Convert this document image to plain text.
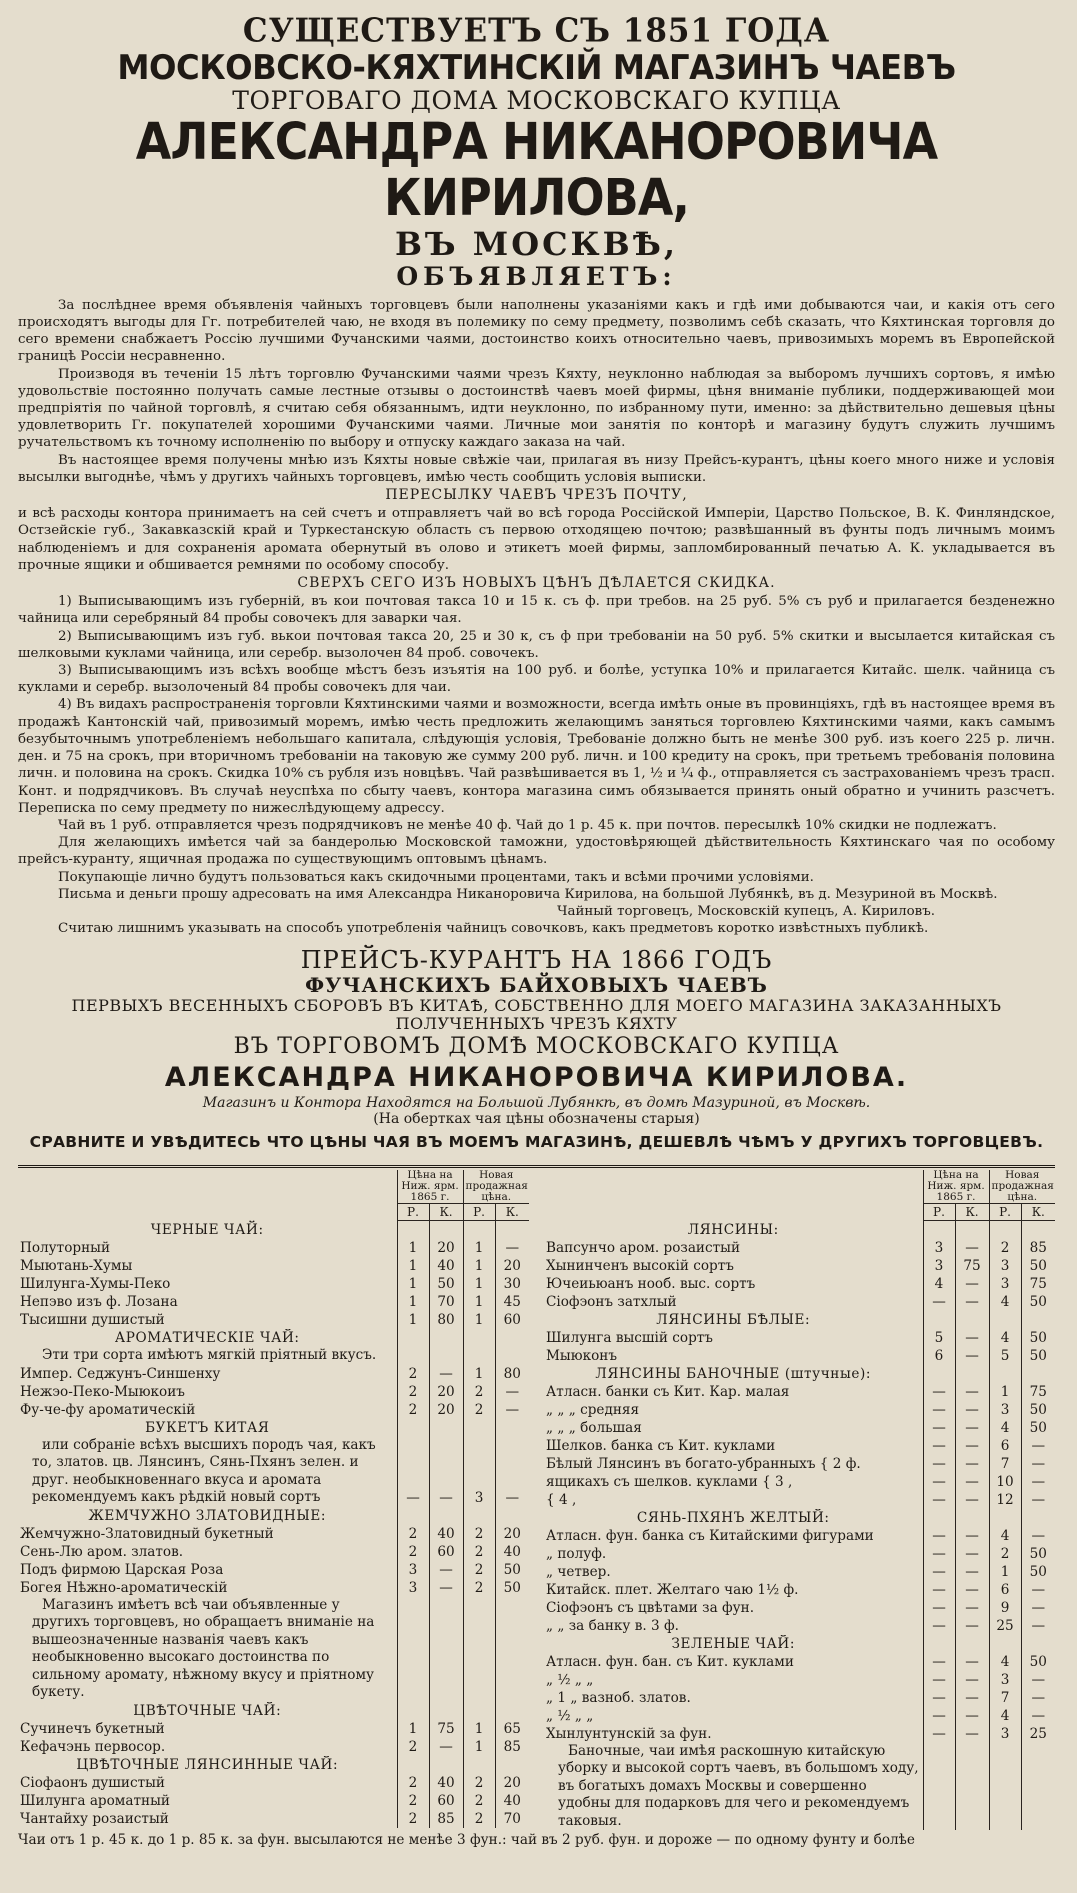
СУЩЕСТВУЕТЪ СЪ 1851 ГОДА
МОСКОВСКО-КЯХТИНСКІЙ МАГАЗИНЪ ЧАЕВЪ
ТОРГОВАГО ДОМА МОСКОВСКАГО КУПЦА
АЛЕКСАНДРА НИКАНОРОВИЧА КИРИЛОВА,
ВЪ МОСКВѢ,
ОБЪЯВЛЯЕТЪ:

За послѣднее время объявленія чайныхъ торговцевъ были наполнены указаніями какъ и гдѣ ими добываются чаи, и какія отъ сего происходятъ выгоды для Гг. потребителей чаю, не входя въ полемику по сему предмету, позволимъ себѣ сказать, что Кяхтинская торговля до сего времени снабжаетъ Россію лучшими Фучанскими чаями, достоинство коихъ относительно чаевъ, привозимыхъ моремъ въ Европейской границѣ Россіи несравненно.

Производя въ теченіи 15 лѣтъ торговлю Фучанскими чаями чрезъ Кяхту, неуклонно наблюдая за выборомъ лучшихъ сортовъ, я имѣю удовольствіе постоянно получать самые лестные отзывы о достоинствѣ чаевъ моей фирмы, цѣня вниманіе публики, поддерживающей мои предпріятія по чайной торговлѣ, я считаю себя обязаннымъ, идти неуклонно, по избранному пути, именно: за дѣйствительно дешевыя цѣны удовлетворить Гг. покупателей хорошими Фучанскими чаями. Личные мои занятія по конторѣ и магазину будутъ служить лучшимъ ручательствомъ къ точному исполненію по выбору и отпуску каждаго заказа на чай.

Въ настоящее время получены мнѣю изъ Кяхты новые свѣжіе чаи, прилагая въ низу Прейсъ-курантъ, цѣны коего много ниже и условія высылки выгоднѣе, чѣмъ у другихъ чайныхъ торговцевъ, имѣю честь сообщить условія выписки.

ПЕРЕСЫЛКУ ЧАЕВЪ ЧРЕЗЪ ПОЧТУ,

и всѣ расходы контора принимаетъ на сей счетъ и отправляетъ чай во всѣ города Россійской Имперіи, Царство Польское, В. К. Финляндское, Остзейскіе губ., Закавказскій край и Туркестанскую область съ первою отходящею почтою; развѣшанный въ фунты подъ личнымъ моимъ наблюденіемъ и для сохраненія аромата обернутый въ олово и этикетъ моей фирмы, запломбированный печатью А. К. укладывается въ прочные ящики и обшивается ремнями по особому способу.

СВЕРХЪ СЕГО ИЗЪ НОВЫХЪ ЦѢНЪ ДѢЛАЕТСЯ СКИДКА.

1) Выписывающимъ изъ губерній, въ кои почтовая такса 10 и 15 к. съ ф. при требов. на 25 руб. 5% съ руб и прилагается безденежно чайница или серебряный 84 пробы совочекъ для заварки чая.

2) Выписывающимъ изъ губ. вькои почтовая такса 20, 25 и 30 к, съ ф при требованіи на 50 руб. 5% скитки и высылается китайская съ шелковыми куклами чайница, или серебр. вызолочен 84 проб. совочекъ.

3) Выписывающимъ изъ всѣхъ вообще мѣстъ безъ изъятія на 100 руб. и болѣе, уступка 10% и прилагается Китайс. шелк. чайница съ куклами и серебр. вызолоченый 84 пробы совочекъ для чаи.

4) Въ видахъ распространенія торговли Кяхтинскими чаями и возможности, всегда имѣть оные въ провинціяхъ, гдѣ въ настоящее время въ продажѣ Кантонскій чай, привозимый моремъ, имѣю честь предложить желающимъ заняться торговлею Кяхтинскими чаями, какъ самымъ безубыточнымъ употребленіемъ небольшаго капитала, слѣдующія условія, Требованіе должно быть не менѣе 300 руб. изъ коего 225 р. личн. ден. и 75 на срокъ, при вторичномъ требованіи на таковую же сумму 200 руб. личн. и 100 кредиту на срокъ, при третьемъ требованія половина личн. и половина на срокъ. Скидка 10% съ рубля изъ новцѣвъ. Чай развѣшивается въ 1, ½ и ¼ ф., отправляется съ застрахованіемъ чрезъ трасп. Конт. и подрядчиковъ. Въ случаѣ неуспѣха по сбыту чаевъ, контора магазина симъ обязывается принять оный обратно и учинить разсчетъ. Переписка по сему предмету по нижеслѣдующему адрессу.

Чай въ 1 руб. отправляется чрезъ подрядчиковъ не менѣе 40 ф. Чай до 1 р. 45 к. при почтов. пересылкѣ 10% скидки не подлежатъ.

Для желающихъ имѣется чай за бандеролью Московской таможни, удостовѣряющей дѣйствительность Кяхтинскаго чая по особому прейсъ-куранту, ящичная продажа по существующимъ оптовымъ цѣнамъ.

Покупающіе лично будутъ пользоваться какъ скидочными процентами, такъ и всѣми прочими условіями.

Письма и деньги прошу адресовать на имя Александра Никаноровича Кирилова, на большой Лубянкѣ, въ д. Мезуриной въ Москвѣ.

Чайный торговецъ, Московскій купецъ, А. Кириловъ.

Считаю лишнимъ указывать на способъ употребленія чайницъ совочковъ, какъ предметовъ коротко извѣстныхъ публикѣ.

ПРЕЙСЪ-КУРАНТЪ НА 1866 ГОДЪ
ФУЧАНСКИХЪ БАЙХОВЫХЪ ЧАЕВЪ
ПЕРВЫХЪ ВЕСЕННЫХЪ СБОРОВЪ ВЪ КИТАѢ, СОБСТВЕННО ДЛЯ МОЕГО МАГАЗИНА ЗАКАЗАННЫХЪ
ПОЛУЧЕННЫХЪ ЧРЕЗЪ КЯХТУ
ВЪ ТОРГОВОМЪ ДОМѢ МОСКОВСКАГО КУПЦА
АЛЕКСАНДРА НИКАНОРОВИЧА КИРИЛОВА.
Магазинъ и Контора Находятся на Большой Лубянкѣ, въ домѣ Мазуриной, въ Москвѣ.
(На обертках чая цѣны обозначены старыя)
СРАВНИТЕ И УВѢДИТЕСЬ ЧТО ЦѢНЫ ЧАЯ ВЪ МОЕМЪ МАГАЗИНѢ, ДЕШЕВЛѢ ЧѢМЪ У ДРУГИХЪ ТОРГОВЦЕВЪ.
	Цѣна на Ниж. ярм. 1865 г.		Новая продажная цѣна.	
	Р.	К.	Р.	К.
ЧЕРНЫЕ ЧАЙ:				
Полуторный	1	20	1	—
Мыютань-Хумы	1	40	1	20
Шилунга-Хумы-Пеко	1	50	1	30
Непэво изъ ф. Лозана	1	70	1	45
Тысишни душистый	1	80	1	60
АРОМАТИЧЕСКІЕ ЧАЙ:				
Эти три сорта имѣютъ мягкій пріятный вкусъ.				
Импер. Седжунъ-Синшенху	2	—	1	80
Нежэо-Пеко-Мыюкоиъ	2	20	2	—
Фу-че-фу ароматическій	2	20	2	—
БУКЕТЪ КИТАЯ				
или собраніе всѣхъ высшихъ породъ чая, какъ то, златов. цв. Лянсинъ, Сянь-Пхянъ зелен. и друг. необыкновеннаго вкуса и аромата рекомендуемъ какъ рѣдкій новый сортъ	—	—	3	—
ЖЕМЧУЖНО ЗЛАТОВИДНЫЕ:				
Жемчужно-Златовидный букетный	2	40	2	20
Сень-Лю аром. златов.	2	60	2	40
Подъ фирмою Царская Роза	3	—	2	50
Богея Нѣжно-ароматическій	3	—	2	50
Магазинъ имѣетъ всѣ чаи объявленные у другихъ торговцевъ, но обращаетъ вниманіе на вышеозначенные названія чаевъ какъ необыкновенно высокаго достоинства по сильному аромату, нѣжному вкусу и пріятному букету.				
ЦВѢТОЧНЫЕ ЧАЙ:				
Сучинечъ букетный	1	75	1	65
Кефачэнь первосор.	2	—	1	85
ЦВѢТОЧНЫЕ ЛЯНСИННЫЕ ЧАЙ:				
Сіофаонъ душистый	2	40	2	20
Шилунга ароматный	2	60	2	40
Чантайху розаистый	2	85	2	70
	Цѣна на Ниж. ярм. 1865 г.		Новая продажная цѣна.	
	Р.	К.	Р.	К.
ЛЯНСИНЫ:				
Вапсунчо аром. розаистый	3	—	2	85
Хынинченъ высокій сортъ	3	75	3	50
Ючеиьюанъ нооб. выс. сортъ	4	—	3	75
Сіофэонъ затхлый	—	—	4	50
ЛЯНСИНЫ БѢЛЫЕ:				
Шилунга высшій сортъ	5	—	4	50
Мыюконъ	6	—	5	50
ЛЯНСИНЫ БАНОЧНЫЕ (штучные):				
Атласн. банки съ Кит. Кар. малая	—	—	1	75
„ „ „ средняя	—	—	3	50
„ „ „ большая	—	—	4	50
Шелков. банка съ Кит. куклами	—	—	6	—
Бѣлый Лянсинъ въ богато-убранныхъ { 2 ф.	—	—	7	—
ящикахъ съ шелков. куклами { 3 ,	—	—	10	—
{ 4 ,	—	—	12	—
СЯНЬ-ПХЯНЪ ЖЕЛТЫЙ:				
Атласн. фун. банка съ Китайскими фигурами	—	—	4	—
„ полуф.	—	—	2	50
„ четвер.	—	—	1	50
Китайск. плет. Желтаго чаю 1½ ф.	—	—	6	—
Сіофэонъ съ цвѣтами за фун.	—	—	9	—
„ „ за банку в. 3 ф.	—	—	25	—
ЗЕЛЕНЫЕ ЧАЙ:				
Атласн. фун. бан. съ Кит. куклами	—	—	4	50
„ ½ „ „	—	—	3	—
„ 1 „ вазноб. златов.	—	—	7	—
„ ½ „ „	—	—	4	—
Хынлунтунскій за фун.	—	—	3	25
Баночные, чаи имѣя раскошную китайскую уборку и высокой сортъ чаевъ, въ большомъ ходу, въ богатыхъ домахъ Москвы и совершенно удобны для подарковъ для чего и рекомендуемъ таковыя.				
Чаи отъ 1 р. 45 к. до 1 р. 85 к. за фун. высылаются не менѣе 3 фун.: чай въ 2 руб. фун. и дороже — по одному фунту и болѣе
